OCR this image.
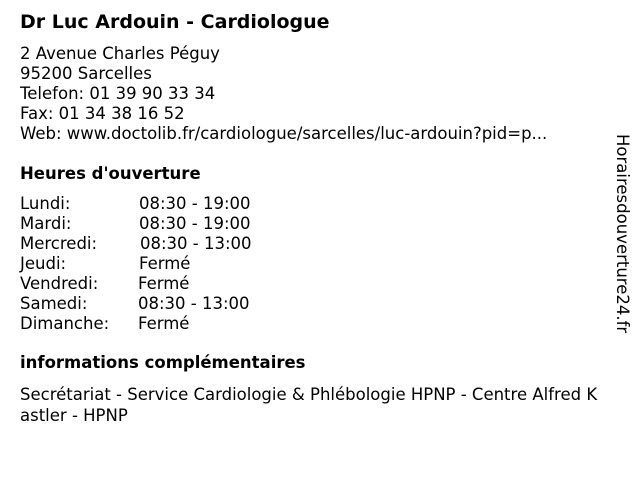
Dr Luc Ardouin - Cardiologue
2 Avenue Charles Péguy
95200 Sarcelles
Telefon: 01 39 90 33 34
Fax: 01 34 38 16 52
Web: www.doctolib.fr/cardiologue/sarcelles/luc-ardouin?pid=p...
Heures d'ouverture
Lundi:	08:30 - 19:00
Mardi:	08:30 - 19:00
Mercredi:	08:30 - 13:00
Jeudi:	Fermé
Vendredi: Fermé
Samedi:	08:30 - 13:00
Dimanche: Fermé
informations complémentaires
Secrétariat - Service Cardiologie & Phlébologie HPNP - Centre Alfred Kastler - HPNP
Horairesdouverture24.fr
